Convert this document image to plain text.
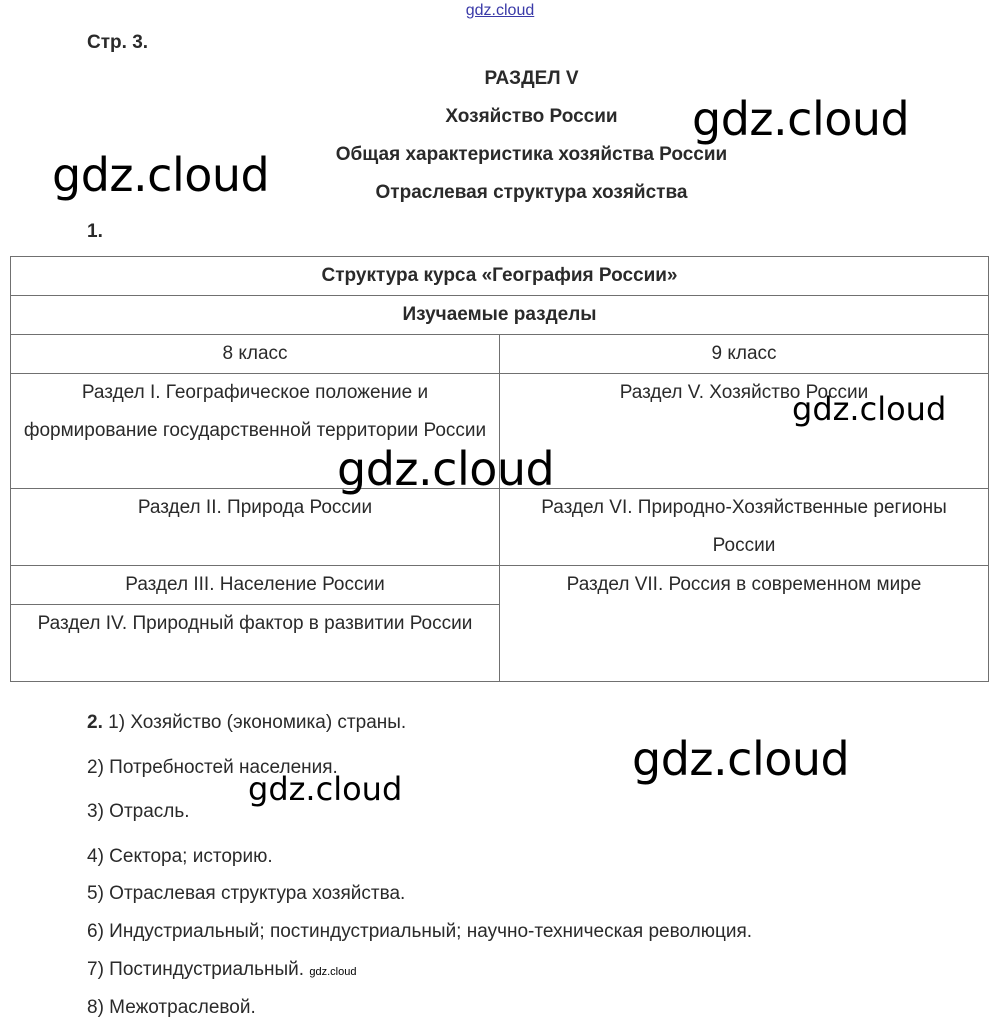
gdz.cloud
Стр. 3.
РАЗДЕЛ V
Хозяйство России
Общая характеристика хозяйства России
Отраслевая структура хозяйства
gdz.cloud
gdz.cloud
1.
Структура курса «География России»	
Изучаемые разделы	
8 класс	9 класс
Раздел I. Географическое положение и формирование государственной территории России	Раздел V. Хозяйство России
Раздел II. Природа России	Раздел VI. Природно-Хозяйственные регионы России
Раздел III. Население России	Раздел VII. Россия в современном мире
Раздел IV. Природный фактор в развитии России	
gdz.cloud
gdz.cloud
2. 1) Хозяйство (экономика) страны.
2) Потребностей населения.
3) Отрасль.
4) Сектора; историю.
5) Отраслевая структура хозяйства.
6) Индустриальный; постиндустриальный; научно-техническая революция.
7) Постиндустриальный. gdz.cloud
8) Межотраслевой.
gdz.cloud
gdz.cloud
